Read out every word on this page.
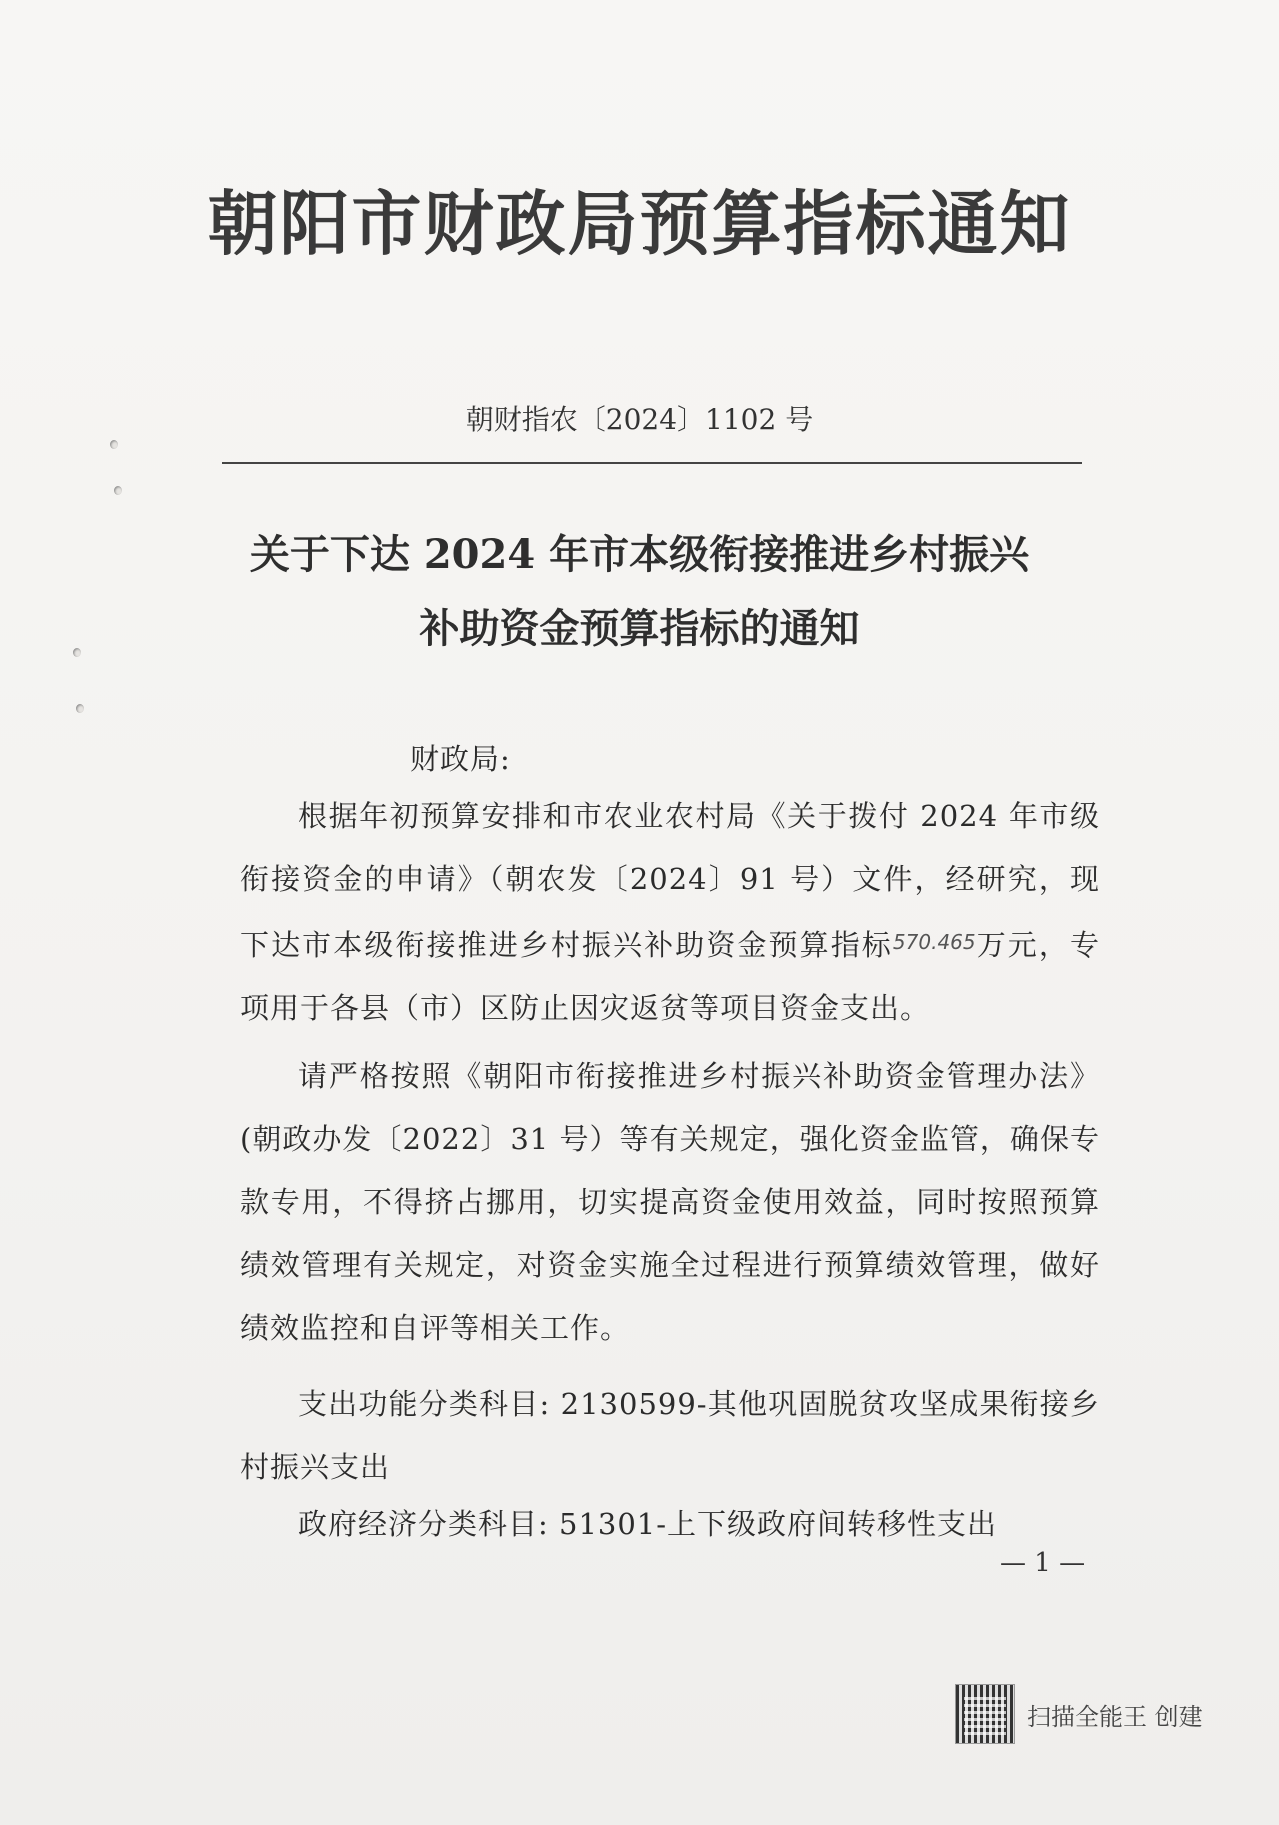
朝阳市财政局预算指标通知
朝财指农〔2024〕1102 号
关于下达 2024 年市本级衔接推进乡村振兴
补助资金预算指标的通知
财政局:
根据年初预算安排和市农业农村局《关于拨付 2024 年市级衔接资金的申请》（朝农发〔2024〕91 号）文件，经研究，现下达市本级衔接推进乡村振兴补助资金预算指标$^{570.465}$万元，专项用于各县（市）区防止因灾返贫等项目资金支出。
请严格按照《朝阳市衔接推进乡村振兴补助资金管理办法》(朝政办发〔2022〕31 号）等有关规定，强化资金监管，确保专款专用，不得挤占挪用，切实提高资金使用效益，同时按照预算绩效管理有关规定，对资金实施全过程进行预算绩效管理，做好绩效监控和自评等相关工作。
支出功能分类科目: 2130599-其他巩固脱贫攻坚成果衔接乡村振兴支出
政府经济分类科目: 51301-上下级政府间转移性支出
— 1 —
扫描全能王 创建
